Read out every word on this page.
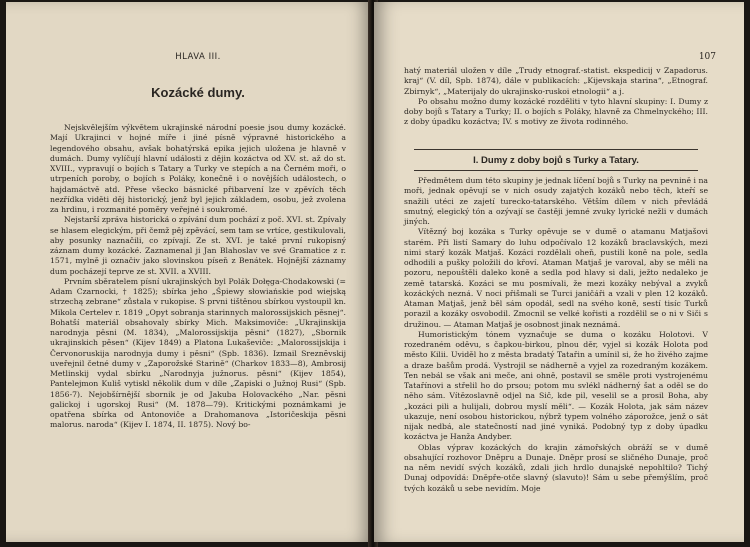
HLAVA III.
Kozácké dumy.

Nejskvělejším výkvětem ukrajinské národní poesie jsou dumy kozácké. Mají Ukrajinci v hojné míře i jiné písně výpravné historického a legendového obsahu, avšak bohatýrská epika jejich uložena je hlavně v dumách. Dumy vylíčují hlavní události z dějin kozáctva od XV. st. až do st. XVIII., vypravují o bojích s Tatary a Turky ve stepích a na Černém moři, o utrpeních poroby, o bojích s Poláky, konečně i o novějších událostech, o hajdamáctvě atd. Přese všecko básnické přibarvení lze v zpěvích těch nezřídka viděti děj historický, jenž byl jejich základem, osobu, jež zvolena za hrdinu, i rozmanité poměry veřejné i soukromé.

Nejstarší zpráva historická o zpívání dum pochází z poč. XVI. st. Zpívaly se hlasem elegickým, při čemž pěj zpěvácí, sem tam se vrtíce, gestikulovali, aby posunky naznačili, co zpívají. Ze st. XVI. je také první rukopisný záznam dumy kozácké. Zaznamenal ji Jan Blahoslav ve své Gramatice z r. 1571, mylně ji označiv jako slovinskou píseň z Benátek. Hojnější záznamy dum pocházejí teprve ze st. XVII. a XVIII.

Prvním sběratelem písní ukrajinských byl Polák Dołęga-Chodakowski (= Adam Czarnocki, † 1825); sbírka jeho „Śpiewy słowiańskie pod wiejską strzechą zebrane“ zůstala v rukopise. S prvni tištěnou sbírkou vystoupil kn. Mikola Certelev r. 1819 „Opyt sobranja starinnych malorossijskich pěsnej“. Bohatší materiál obsahovaly sbírky Mich. Maksimoviče: „Ukrajinskija narodnyja pěsni (M. 1834), „Malorossijskija pěsni“ (1827), „Sbornik ukrajinskich pěsen“ (Kijev 1849) a Platona Lukaševiče: „Malorossijskija i Červonoruskija narodnyja dumy i pěsni“ (Spb. 1836). Izmail Sreznĕvskij uveřejnil četné dumy v „Zaporožské Starině“ (Charkov 1833—8), Ambrosij Metlinskij vydal sbírku „Narodnyja južnorus. pěsni“ (Kijev 1854), Pantelejmon Kuliš vytiskl několik dum v díle „Zapiski o Južnoj Rusi“ (Spb. 1856-7). Nejobšírnější sbornik je od Jakuba Holovackého „Nar. pěsni galickoj i ugorskoj Rusi“ (M. 1878—79). Kritickými poznámkami je opatřena sbírka od Antonoviče a Drahomanova „Istoričeskija pěsni malorus. naroda“ (Kijev I. 1874, II. 1875). Nový bo-

107

hatý materiál uložen v díle „Trudy etnograf.-statist. ekspedicij v Zapadorus. kraj“ (V. díl, Spb. 1874), dále v publikacích: „Kijevskaja starina“, „Etnograf. Zbirnyk“, „Materijaly do ukrajinsko-ruskoi etnologii“ a j.

Po obsahu možno dumy kozácké rozděliti v tyto hlavní skupiny: I. Dumy z doby bojů s Tatary a Turky; II. o bojích s Poláky, hlavně za Chmelnyckého; III. z doby úpadku kozáctva; IV. s motivy ze života rodinného.

I. Dumy z doby bojů s Turky a Tatary.

Předmětem dum této skupiny je jednak líčení bojů s Turky na pevnině i na moři, jednak opěvují se v nich osudy zajatých kozáků nebo těch, kteří se snažili utéci ze zajetí turecko-tatarského. Větším dílem v nich převládá smutný, elegický tón a ozývají se častěji jemné zvuky lyrické nežli v dumách jiných.

Vítězný boj kozáka s Turky opěvuje se v dumě o atamanu Matjašovi starém. Při listí Samary do luhu odpočívalo 12 kozáků braclavských, mezi nimi starý kozák Matjaš. Kozáci rozdělali oheň, pustili koně na pole, sedla odhodili a pušky položili do křoví. Ataman Matjaš je varoval, aby se měli na pozoru, nepouštěli daleko koně a sedla pod hlavy si dali, ježto nedaleko je země tatarská. Kozáci se mu posmívali, že mezi kozáky nebýval a zvyků kozáckých nezná. V noci přišmali se Turci janičáři a vzali v plen 12 kozáků. Ataman Matjaš, jenž běl sám opodál, sedl na svého koně, sestí tisíc Turků porazil a kozáky osvobodil. Zmocnil se velké kořisti a rozdělil se o ni v Siči s družinou. — Ataman Matjaš je osobnost jinak neznámá.

Humoristickým tónem vyznačuje se duma o kozáku Holotovi. V rozedraném oděvu, s čapkou-birkou, plnou děr, vyjel si kozák Holota pod město Kilii. Uviděl ho z města bradatý Tatařin a umínil si, že ho živého zajme a draze bašům prodá. Vystrojil se nádherně a vyjel za rozedraným kozákem. Ten nebál se však ani meče, ani ohně, postavil se směle proti vystrojenému Tatařínovi a střelil ho do prsou; potom mu svlékl nádherný šat a oděl se do něho sám. Vítězoslavně odjel na Sič, kde pil, veselil se a prosil Boha, aby „kozáci pili a hulijali, dobrou myslí měli“. — Kozák Holota, jak sám název ukazuje, není osobou historickou, nýbrž typem volného záporožce, jenž o sát nijak nedbá, ale statečností nad jiné vyniká. Podobný typ z doby úpadku kozáctva je Hanža Andyber.

Oblas výprav kozáckých do krajin zámořských obráží se v dumě obsahující rozhovor Dněpru a Dunaje. Dněpr prosí se sličného Dunaje, proč na něm nevidí svých kozáků, zdali jich hrdlo dunajské nepohltilo? Tichý Dunaj odpovídá: Dněpře-otče slavný (slavuto)! Sám u sebe přemýšlím, proč tvých kozáků u sebe nevidím. Moje
